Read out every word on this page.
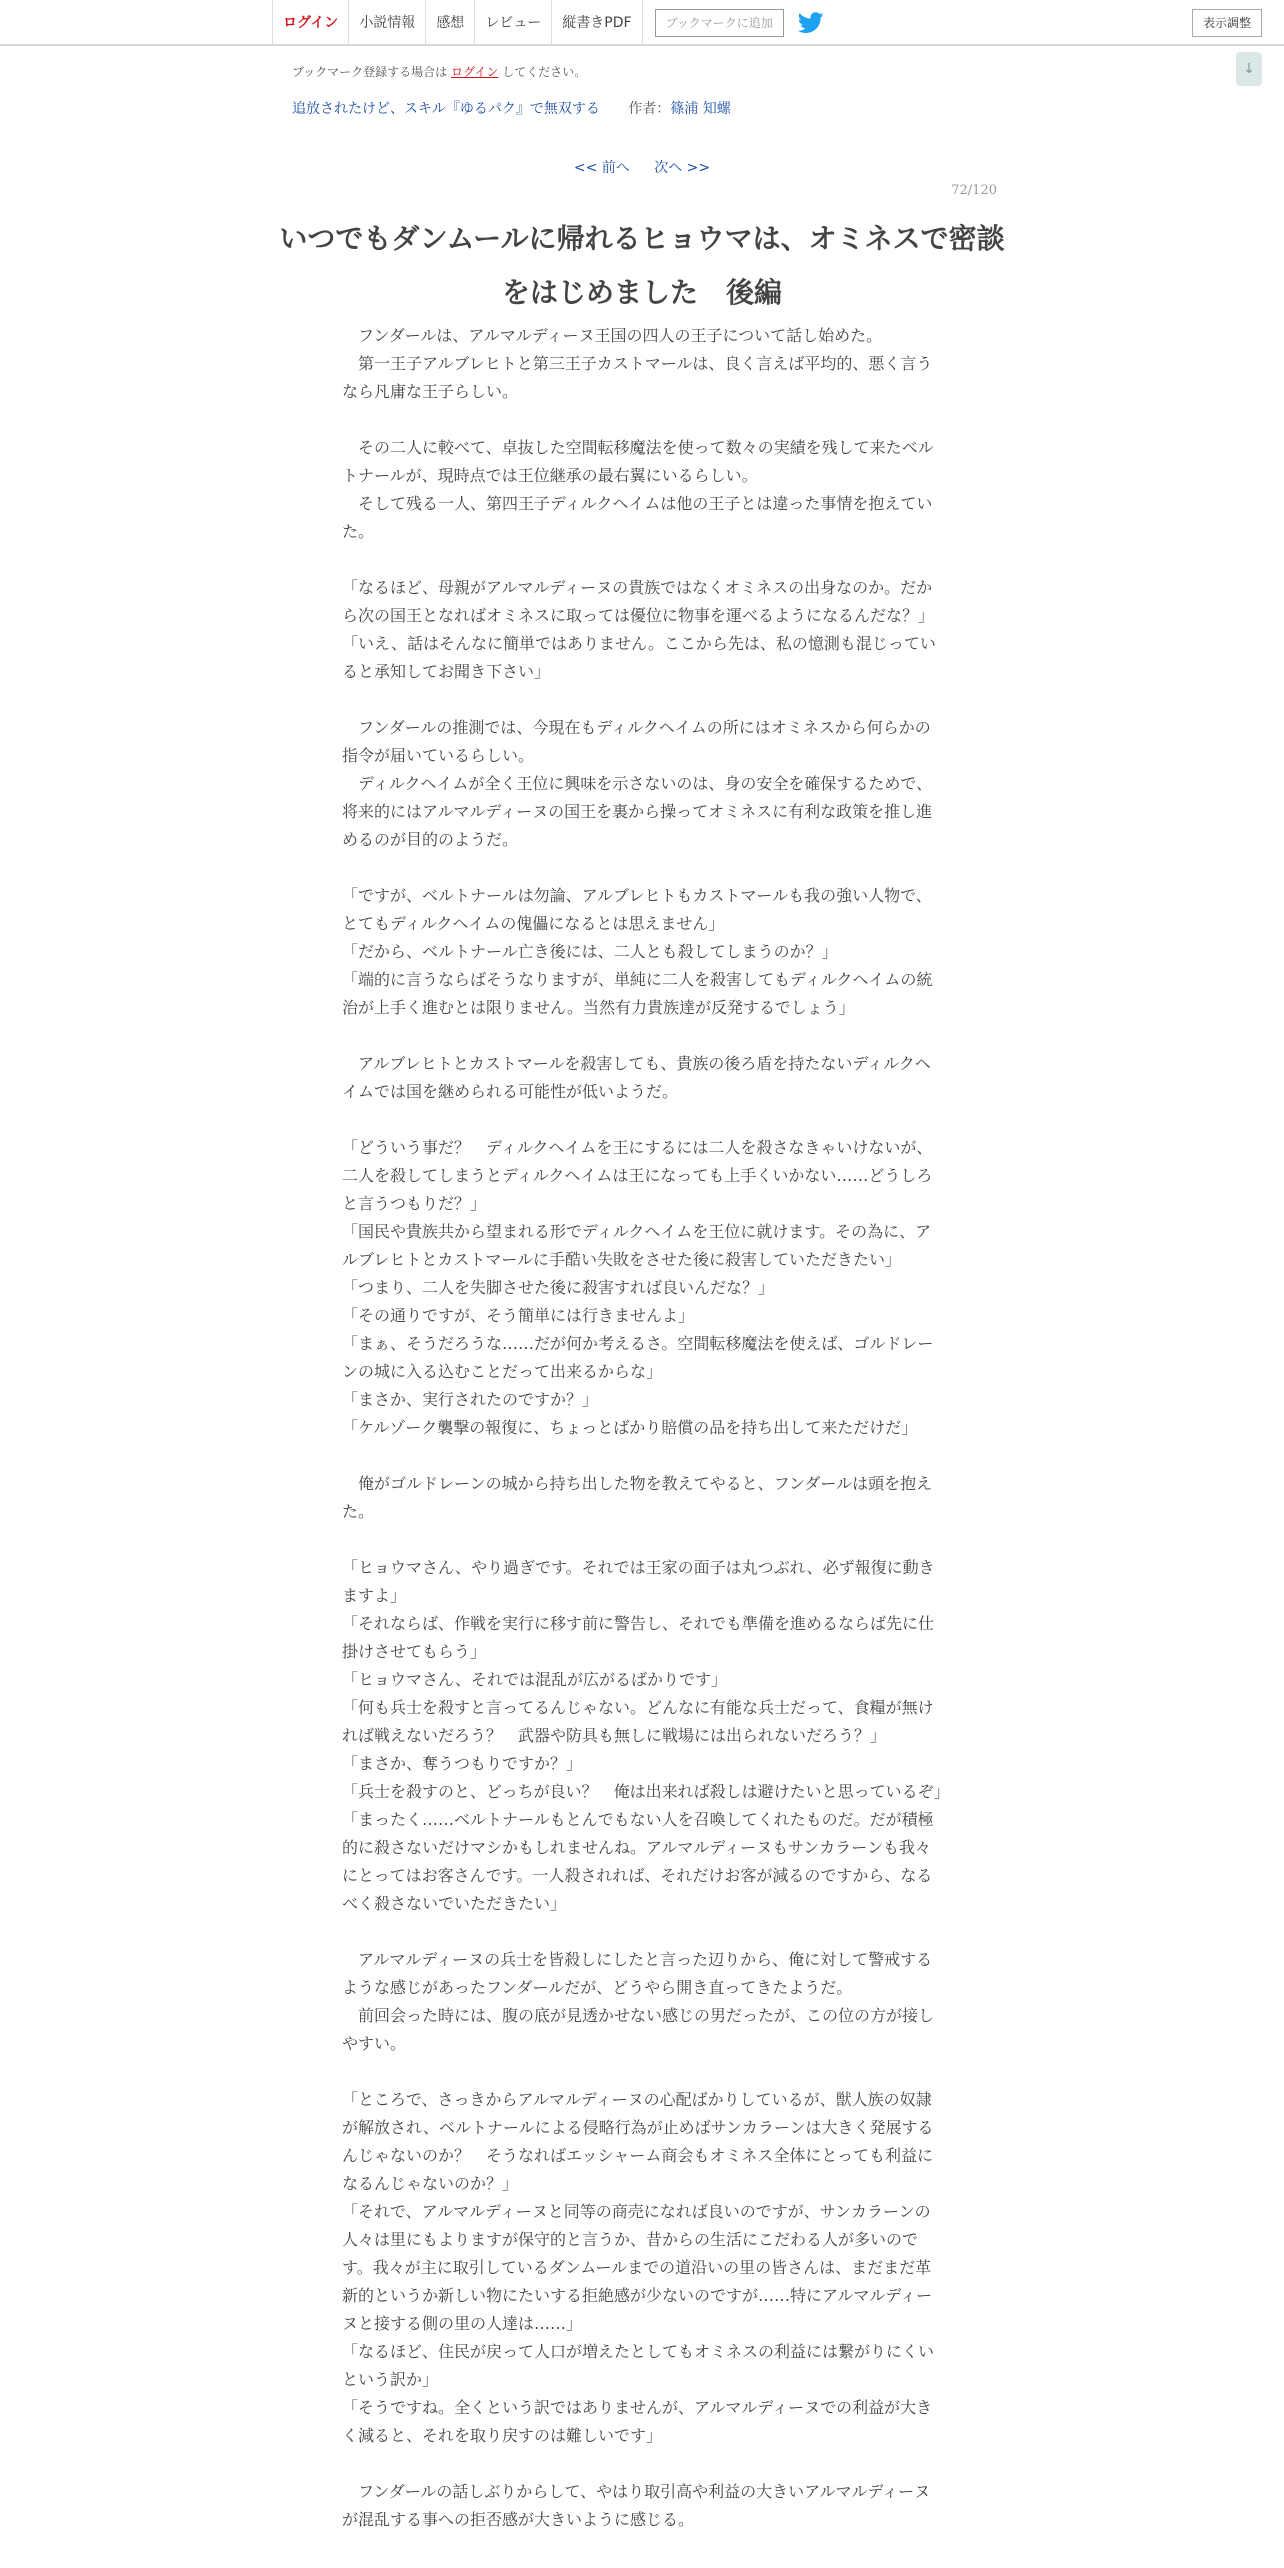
ログイン	小説情報	感想	レビュー	縦書きPDF	ブックマークに追加	表示調整
↓
ブックマーク登録する場合は ログイン してください。
追放されたけど、スキル『ゆるパク』で無双する 作者：篠浦 知螺
<< 前へ 次へ >>
72/120
いつでもダンムールに帰れるヒョウマは、オミネスで密談をはじめました　後編

　フンダールは、アルマルディーヌ王国の四人の王子について話し始めた。

　第一王子アルブレヒトと第三王子カストマールは、良く言えば平均的、悪く言うなら凡庸な王子らしい。

　その二人に較べて、卓抜した空間転移魔法を使って数々の実績を残して来たベルトナールが、現時点では王位継承の最右翼にいるらしい。

　そして残る一人、第四王子ディルクヘイムは他の王子とは違った事情を抱えていた。

「なるほど、母親がアルマルディーヌの貴族ではなくオミネスの出身なのか。だから次の国王となればオミネスに取っては優位に物事を運べるようになるんだな？」

「いえ、話はそんなに簡単ではありません。ここから先は、私の憶測も混じっていると承知してお聞き下さい」

　フンダールの推測では、今現在もディルクヘイムの所にはオミネスから何らかの指令が届いているらしい。

　ディルクヘイムが全く王位に興味を示さないのは、身の安全を確保するためで、将来的にはアルマルディーヌの国王を裏から操ってオミネスに有利な政策を推し進めるのが目的のようだ。

「ですが、ベルトナールは勿論、アルブレヒトもカストマールも我の強い人物で、とてもディルクヘイムの傀儡になるとは思えません」

「だから、ベルトナール亡き後には、二人とも殺してしまうのか？」

「端的に言うならばそうなりますが、単純に二人を殺害してもディルクヘイムの統治が上手く進むとは限りません。当然有力貴族達が反発するでしょう」

　アルブレヒトとカストマールを殺害しても、貴族の後ろ盾を持たないディルクヘイムでは国を継められる可能性が低いようだ。

「どういう事だ？　ディルクヘイムを王にするには二人を殺さなきゃいけないが、二人を殺してしまうとディルクヘイムは王になっても上手くいかない……どうしろと言うつもりだ？」

「国民や貴族共から望まれる形でディルクヘイムを王位に就けます。その為に、アルブレヒトとカストマールに手酷い失敗をさせた後に殺害していただきたい」

「つまり、二人を失脚させた後に殺害すれば良いんだな？」

「その通りですが、そう簡単には行きませんよ」

「まぁ、そうだろうな……だが何か考えるさ。空間転移魔法を使えば、ゴルドレーンの城に入る込むことだって出来るからな」

「まさか、実行されたのですか？」

「ケルゾーク襲撃の報復に、ちょっとばかり賠償の品を持ち出して来ただけだ」

　俺がゴルドレーンの城から持ち出した物を教えてやると、フンダールは頭を抱えた。

「ヒョウマさん、やり過ぎです。それでは王家の面子は丸つぶれ、必ず報復に動きますよ」

「それならば、作戦を実行に移す前に警告し、それでも準備を進めるならば先に仕掛けさせてもらう」

「ヒョウマさん、それでは混乱が広がるばかりです」

「何も兵士を殺すと言ってるんじゃない。どんなに有能な兵士だって、食糧が無ければ戦えないだろう？　武器や防具も無しに戦場には出られないだろう？」

「まさか、奪うつもりですか？」

「兵士を殺すのと、どっちが良い？　俺は出来れば殺しは避けたいと思っているぞ」

「まったく……ベルトナールもとんでもない人を召喚してくれたものだ。だが積極的に殺さないだけマシかもしれませんね。アルマルディーヌもサンカラーンも我々にとってはお客さんです。一人殺されれば、それだけお客が減るのですから、なるべく殺さないでいただきたい」

　アルマルディーヌの兵士を皆殺しにしたと言った辺りから、俺に対して警戒するような感じがあったフンダールだが、どうやら開き直ってきたようだ。

　前回会った時には、腹の底が見透かせない感じの男だったが、この位の方が接しやすい。

「ところで、さっきからアルマルディーヌの心配ばかりしているが、獣人族の奴隷が解放され、ベルトナールによる侵略行為が止めばサンカラーンは大きく発展するんじゃないのか？　そうなればエッシャーム商会もオミネス全体にとっても利益になるんじゃないのか？」

「それで、アルマルディーヌと同等の商売になれば良いのですが、サンカラーンの人々は里にもよりますが保守的と言うか、昔からの生活にこだわる人が多いのです。我々が主に取引しているダンムールまでの道沿いの里の皆さんは、まだまだ革新的というか新しい物にたいする拒絶感が少ないのですが……特にアルマルディーヌと接する側の里の人達は……」

「なるほど、住民が戻って人口が増えたとしてもオミネスの利益には繋がりにくいという訳か」

「そうですね。全くという訳ではありませんが、アルマルディーヌでの利益が大きく減ると、それを取り戻すのは難しいです」

　フンダールの話しぶりからして、やはり取引高や利益の大きいアルマルディーヌが混乱する事への拒否感が大きいように感じる。
